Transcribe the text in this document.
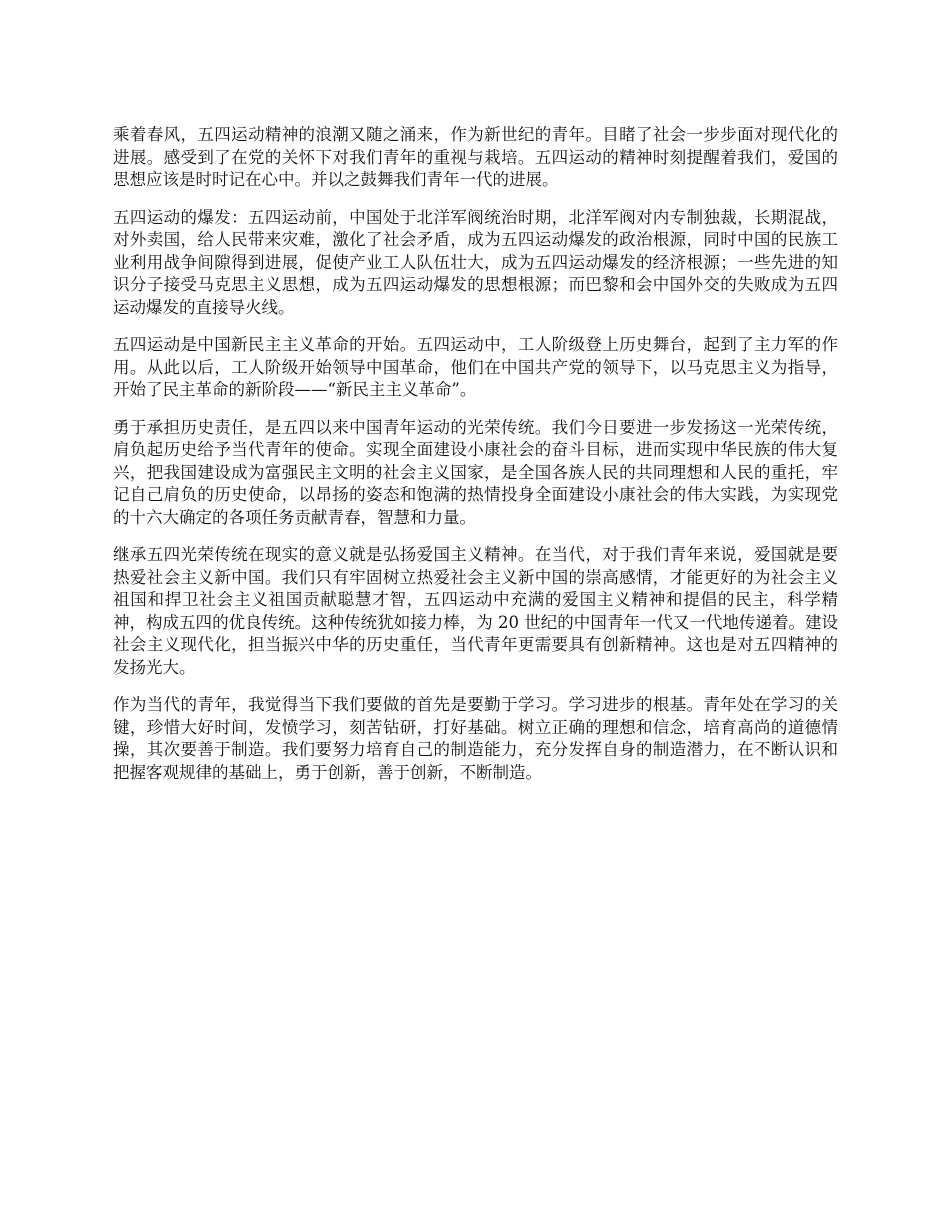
乘着春风，五四运动精神的浪潮又随之涌来，作为新世纪的青年。目睹了社会一步步面对现代化的进展。感受到了在党的关怀下对我们青年的重视与栽培。五四运动的精神时刻提醒着我们，爱国的思想应该是时时记在心中。并以之鼓舞我们青年一代的进展。

五四运动的爆发：五四运动前，中国处于北洋军阀统治时期，北洋军阀对内专制独裁，长期混战，对外卖国，给人民带来灾难，激化了社会矛盾，成为五四运动爆发的政治根源，同时中国的民族工业利用战争间隙得到进展，促使产业工人队伍壮大，成为五四运动爆发的经济根源；一些先进的知识分子接受马克思主义思想，成为五四运动爆发的思想根源；而巴黎和会中国外交的失败成为五四运动爆发的直接导火线。

五四运动是中国新民主主义革命的开始。五四运动中，工人阶级登上历史舞台，起到了主力军的作用。从此以后，工人阶级开始领导中国革命，他们在中国共产党的领导下，以马克思主义为指导，开始了民主革命的新阶段——“新民主主义革命”。

勇于承担历史责任，是五四以来中国青年运动的光荣传统。我们今日要进一步发扬这一光荣传统，肩负起历史给予当代青年的使命。实现全面建设小康社会的奋斗目标，进而实现中华民族的伟大复兴，把我国建设成为富强民主文明的社会主义国家，是全国各族人民的共同理想和人民的重托，牢记自己肩负的历史使命，以昂扬的姿态和饱满的热情投身全面建设小康社会的伟大实践，为实现党的十六大确定的各项任务贡献青春，智慧和力量。

继承五四光荣传统在现实的意义就是弘扬爱国主义精神。在当代，对于我们青年来说，爱国就是要热爱社会主义新中国。我们只有牢固树立热爱社会主义新中国的崇高感情，才能更好的为社会主义祖国和捍卫社会主义祖国贡献聪慧才智，五四运动中充满的爱国主义精神和提倡的民主，科学精神，构成五四的优良传统。这种传统犹如接力棒，为 20 世纪的中国青年一代又一代地传递着。建设社会主义现代化，担当振兴中华的历史重任，当代青年更需要具有创新精神。这也是对五四精神的发扬光大。

作为当代的青年，我觉得当下我们要做的首先是要勤于学习。学习进步的根基。青年处在学习的关键，珍惜大好时间，发愤学习，刻苦钻研，打好基础。树立正确的理想和信念，培育高尚的道德情操，其次要善于制造。我们要努力培育自己的制造能力，充分发挥自身的制造潜力，在不断认识和把握客观规律的基础上，勇于创新，善于创新，不断制造。
